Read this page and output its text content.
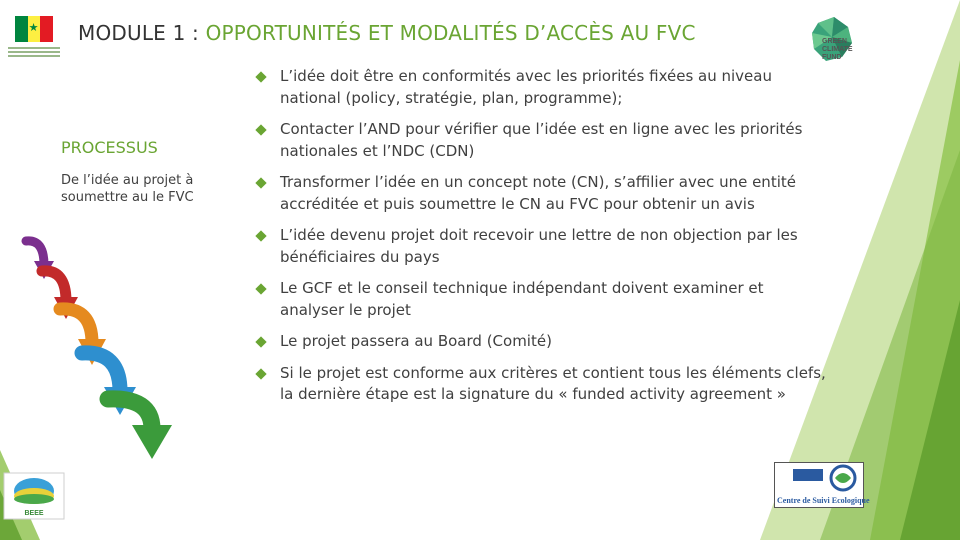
★ MODULE 1 : OPPORTUNITÉS ET MODALITÉS D’ACCÈS AU FVC	GREEN
CLIMATE
FUND
PROCESSUS
De l’idée au projet à soumettre au le FVC
L’idée doit être en conformités avec les priorités fixées au niveau national (policy, stratégie, plan, programme);
Contacter l’AND pour vérifier que l’idée est en ligne avec les priorités nationales et l’NDC (CDN)
Transformer l’idée en un concept note (CN), s’affilier avec une entité accréditée et puis soumettre le CN au FVC pour obtenir un avis
L’idée devenu projet doit recevoir une lettre de non objection par les bénéficiaires du pays
Le GCF et le conseil technique indépendant doivent examiner et analyser le projet
Le projet passera au Board (Comité)
Si le projet est conforme aux critères et contient tous les éléments clefs, la dernière étape est la signature du « funded activity agreement »
BEEE
Centre de Suivi Ecologique
